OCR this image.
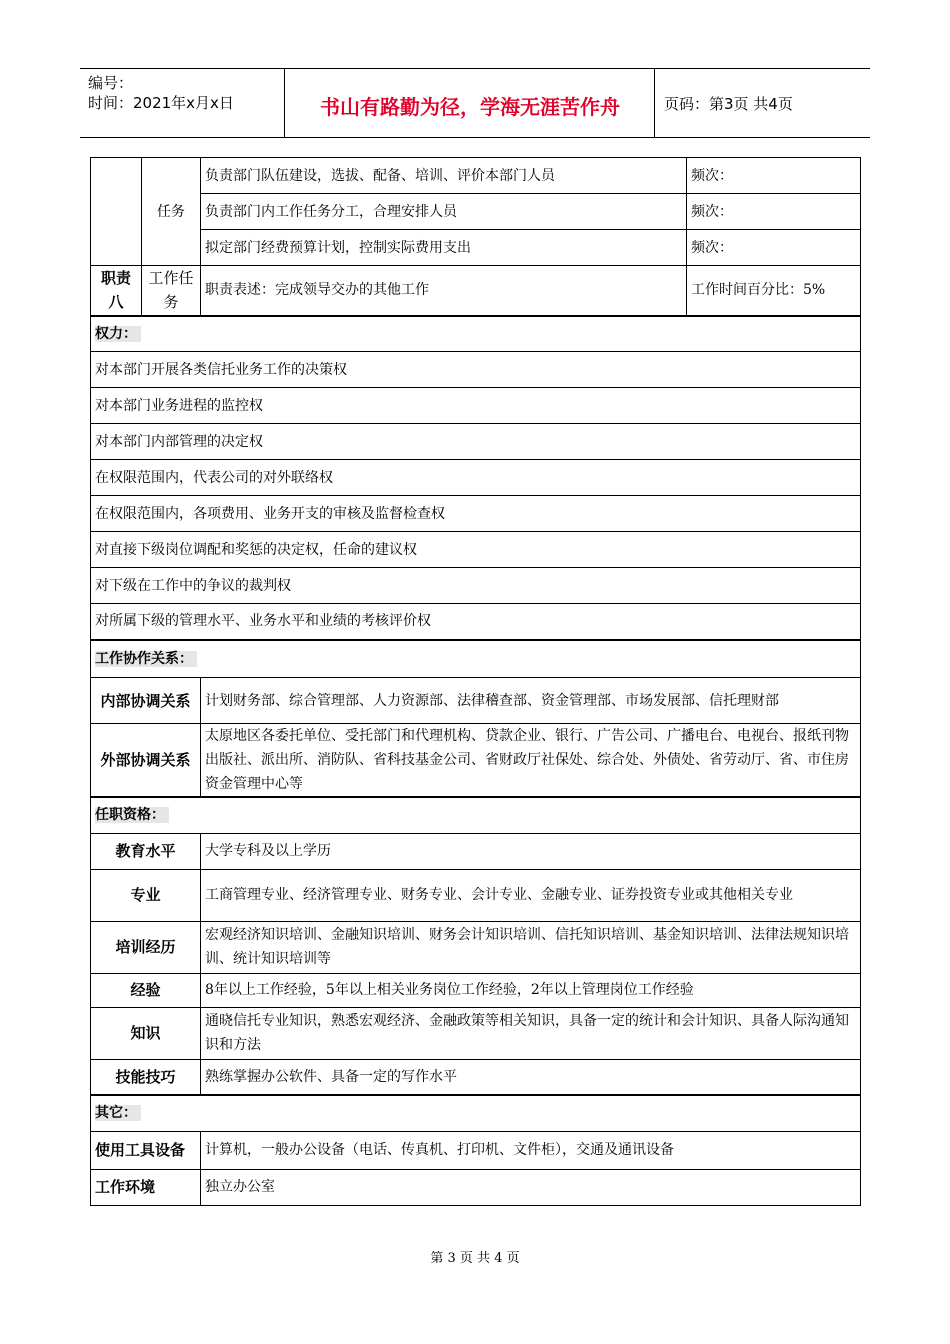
编号：
时间：2021年x月x日	书山有路勤为径，学海无涯苦作舟	页码：第3页 共4页
	任务	负责部门队伍建设，选拔、配备、培训、评价本部门人员	频次：
		负责部门内工作任务分工，合理安排人员	频次：
		拟定部门经费预算计划，控制实际费用支出	频次：
职责八	工作任务	职责表述：完成领导交办的其他工作	工作时间百分比：5%
权力：			
对本部门开展各类信托业务工作的决策权			
对本部门业务进程的监控权			
对本部门内部管理的决定权			
在权限范围内，代表公司的对外联络权			
在权限范围内，各项费用、业务开支的审核及监督检查权			
对直接下级岗位调配和奖惩的决定权，任命的建议权			
对下级在工作中的争议的裁判权			
对所属下级的管理水平、业务水平和业绩的考核评价权			
工作协作关系：			
内部协调关系		计划财务部、综合管理部、人力资源部、法律稽查部、资金管理部、市场发展部、信托理财部	
外部协调关系		太原地区各委托单位、受托部门和代理机构、贷款企业、银行、广告公司、广播电台、电视台、报纸刊物出版社、派出所、消防队、省科技基金公司、省财政厅社保处、综合处、外债处、省劳动厅、省、市住房资金管理中心等	
任职资格：			
教育水平		大学专科及以上学历	
专业		工商管理专业、经济管理专业、财务专业、会计专业、金融专业、证券投资专业或其他相关专业	
培训经历		宏观经济知识培训、金融知识培训、财务会计知识培训、信托知识培训、基金知识培训、法律法规知识培训、统计知识培训等	
经验		8年以上工作经验，5年以上相关业务岗位工作经验，2年以上管理岗位工作经验	
知识		通晓信托专业知识，熟悉宏观经济、金融政策等相关知识，具备一定的统计和会计知识、具备人际沟通知识和方法	
技能技巧		熟练掌握办公软件、具备一定的写作水平	
其它：			
使用工具设备		计算机，一般办公设备（电话、传真机、打印机、文件柜），交通及通讯设备	
工作环境		独立办公室	
第 3 页 共 4 页
